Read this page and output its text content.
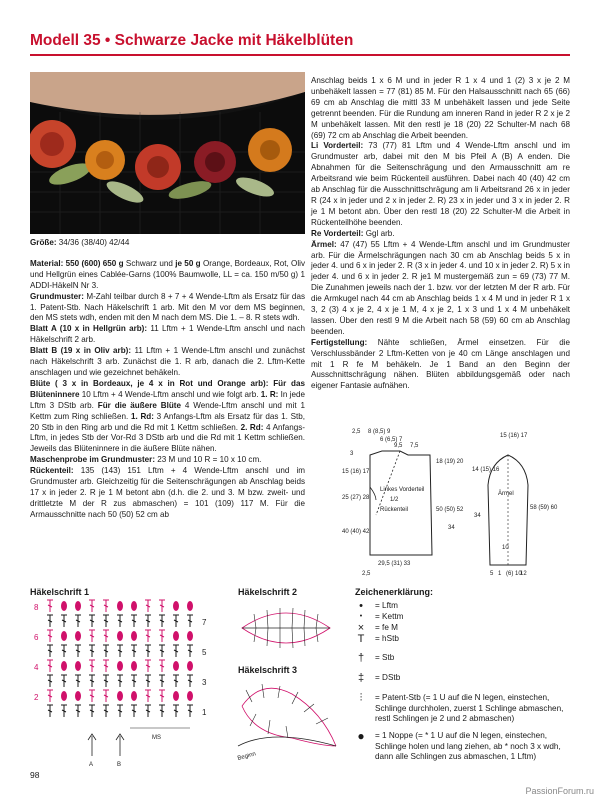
Modell 35 • Schwarze Jacke mit Häkelblüten

Größe: 34/36 (38/40) 42/44

Material: 550 (600) 650 g Schwarz und je 50 g Orange, Bordeaux, Rot, Oliv und Hellgrün eines Cablée-Garns (100% Baumwolle, LL = ca. 150 m/50 g) 1 ADDI-HäkelN Nr 3.

Grundmuster: M-Zahl teilbar durch 8 + 7 + 4 Wende-Lftm als Ersatz für das 1. Patent-Stb. Nach Häkelschrift 1 arb. Mit den M vor dem MS beginnen, den MS stets wdh, enden mit den M nach dem MS. Die 1. – 8. R stets wdh.

Blatt A (10 x in Hellgrün arb): 11 Lftm + 1 Wende-Lftm anschl und nach Häkelschrift 2 arb.

Blatt B (19 x in Oliv arb): 11 Lftm + 1 Wende-Lftm anschl und zunächst nach Häkelschrift 3 arb. Zunächst die 1. R arb, danach die 2. Lftm-Kette anschlagen und wie gezeichnet behäkeln.

Blüte ( 3 x in Bordeaux, je 4 x in Rot und Orange arb): Für das Blüteninnere 10 Lftm + 4 Wende-Lftm anschl und wie folgt arb. 1. R: In jede Lftm 3 DStb arb. Für die äußere Blüte 4 Wende-Lftm anschl und mit 1 Kettm zum Ring schließen. 1. Rd: 3 Anfangs-Lftm als Ersatz für das 1. Stb, 20 Stb in den Ring arb und die Rd mit 1 Kettm schließen. 2. Rd: 4 Anfangs-Lftm, in jedes Stb der Vor-Rd 3 DStb arb und die Rd mit 1 Kettm schließen. Jeweils das Blüteninnere in die äußere Blüte nähen.

Maschenprobe im Grundmuster: 23 M und 10 R = 10 x 10 cm.

Rückenteil: 135 (143) 151 Lftm + 4 Wende-Lftm anschl und im Grundmuster arb. Gleichzeitig für die Seitenschrägungen ab Anschlag beids 17 x in jeder 2. R je 1 M betont abn (d.h. die 2. und 3. M bzw. zweit- und drittletzte M der R zus abmaschen) = 101 (109) 117 M. Für die Armausschnitte nach 50 (50) 52 cm ab

Anschlag beids 1 x 6 M und in jeder R 1 x 4 und 1 (2) 3 x je 2 M unbehäkelt lassen = 77 (81) 85 M. Für den Halsausschnitt nach 65 (66) 69 cm ab Anschlag die mittl 33 M unbehäkelt lassen und jede Seite getrennt beenden. Für die Rundung am inneren Rand in jeder R 2 x je 2 M unbehäkelt lassen. Mit den restl je 18 (20) 22 Schulter-M nach 68 (69) 72 cm ab Anschlag die Arbeit beenden.

Li Vorderteil: 73 (77) 81 Lftm und 4 Wende-Lftm anschl und im Grundmuster arb, dabei mit den M bis Pfeil A (B) A enden. Die Abnahmen für die Seitenschrägung und den Armausschnitt am re Arbeitsrand wie beim Rückenteil ausführen. Dabei nach 40 (40) 42 cm ab Anschlag für die Ausschnittschrägung am li Arbeitsrand 26 x in jeder R (24 x in jeder und 2 x in jeder 2. R) 23 x in jeder und 3 x in jeder 2. R je 1 M betont abn. Über den restl 18 (20) 22 Schulter-M die Arbeit in Rückenteilhöhe beenden.

Re Vorderteil: Ggl arb.

Ärmel: 47 (47) 55 Lftm + 4 Wende-Lftm anschl und im Grundmuster arb. Für die Ärmelschrägungen nach 30 cm ab Anschlag beids 5 x in jeder 4. und 6 x in jeder 2. R (3 x in jeder 4. und 10 x in jeder 2. R) 5 x in jeder 4. und 6 x in jeder 2. R je1 M mustergemäß zun = 69 (73) 77 M. Die Zunahmen jeweils nach der 1. bzw. vor der letzten M der R arb. Für die Armkugel nach 44 cm ab Anschlag beids 1 x 4 M und in jeder R 1 x 3, 2 (3) 4 x je 2, 4 x je 1 M, 4 x je 2, 1 x 3 und 1 x 4 M unbehäkelt lassen. Über den restl 9 M die Arbeit nach 58 (59) 60 cm ab Anschlag beenden.

Fertigstellung: Nähte schließen, Ärmel einsetzen. Für die Verschlussbänder 2 Lftm-Ketten von je 40 cm Länge anschlagen und mit 1 R fe M behäkeln. Je 1 Band an den Beginn der Ausschnittschrägung nähen. Blüten abbildungsgemäß oder nach eigener Fantasie aufnähen.

Linkes Vorderteil
1/2
Rückenteil
2,5 8 (8,5) 9
6 (6,5) 7
9,5 7,5
3
15 (16) 17
25 (27) 28
40 (40) 42
29,5 (31) 33
2,5
18 (19) 20
50 (50) 52
34
Ärmel
15 (16) 17
14 (15) 16
34
58 (59) 60
10
5 1 (6) 10
12
Häkelschrift 1
8
6
4
2
7
5
3
1
MS
A	B
Häkelschrift 2
Häkelschrift 3
Beginn
Zeichenerklärung:
•	= Lftm
•	= Kettm
×	= fe M
T	= hStb
†	= Stb
‡	= DStb
⫶	= Patent-Stb (= 1 U auf die N legen, einstechen, Schlinge durchholen, zuerst 1 Schlinge abmaschen, restl Schlingen je 2 und 2 abmaschen)
● = 1 Noppe (= * 1 U auf die N legen, einstechen, Schlinge holen und lang ziehen, ab * noch 3 x wdh, dann alle Schlingen zus abmaschen, 1 Lftm)
98
PassionForum.ru
